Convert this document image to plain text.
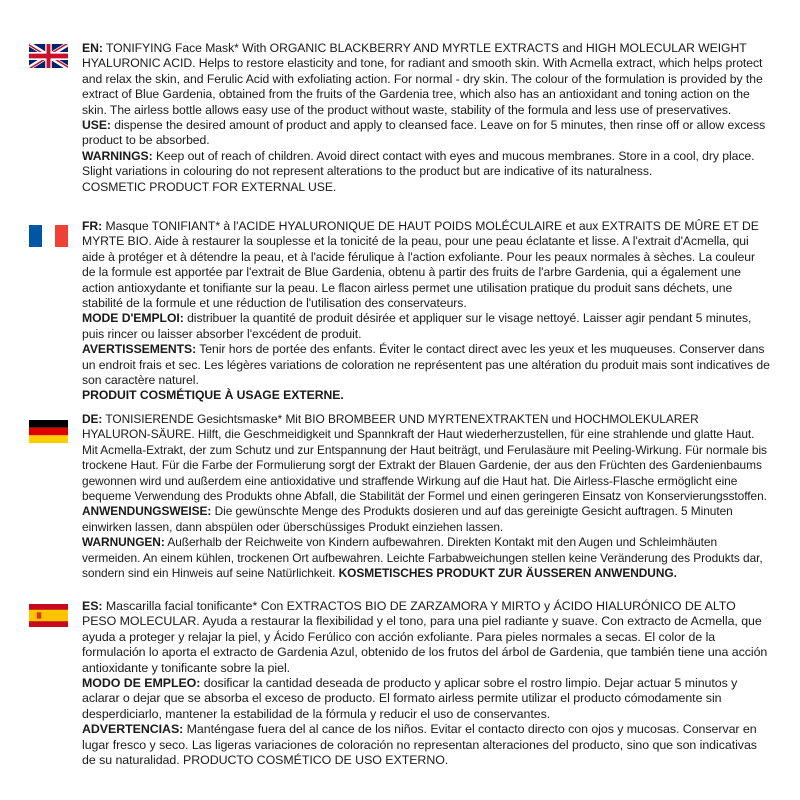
EN: TONIFYING Face Mask* With ORGANIC BLACKBERRY AND MYRTLE EXTRACTS and HIGH MOLECULAR WEIGHT HYALURONIC ACID. Helps to restore elasticity and tone, for radiant and smooth skin. With Acmella extract, which helps protect and relax the skin, and Ferulic Acid with exfoliating action. For normal - dry skin. The colour of the formulation is provided by the extract of Blue Gardenia, obtained from the fruits of the Gardenia tree, which also has an antioxidant and toning action on the skin. The airless bottle allows easy use of the product without waste, stability of the formula and less use of preservatives.

USE: dispense the desired amount of product and apply to cleansed face. Leave on for 5 minutes, then rinse off or allow excess product to be absorbed.

WARNINGS: Keep out of reach of children. Avoid direct contact with eyes and mucous membranes. Store in a cool, dry place. Slight variations in colouring do not represent alterations to the product but are indicative of its naturalness.

COSMETIC PRODUCT FOR EXTERNAL USE.

FR: Masque TONIFIANT* à l'ACIDE HYALURONIQUE DE HAUT POIDS MOLÉCULAIRE et aux EXTRAITS DE MÛRE ET DE MYRTE BIO. Aide à restaurer la souplesse et la tonicité de la peau, pour une peau éclatante et lisse. A l'extrait d'Acmella, qui aide à protéger et à détendre la peau, et à l'acide férulique à l'action exfoliante. Pour les peaux normales à sèches. La couleur de la formule est apportée par l'extrait de Blue Gardenia, obtenu à partir des fruits de l'arbre Gardenia, qui a également une action antioxydante et tonifiante sur la peau. Le flacon airless permet une utilisation pratique du produit sans déchets, une stabilité de la formule et une réduction de l'utilisation des conservateurs.

MODE D'EMPLOI: distribuer la quantité de produit désirée et appliquer sur le visage nettoyé. Laisser agir pendant 5 minutes, puis rincer ou laisser absorber l'excédent de produit.

AVERTISSEMENTS: Tenir hors de portée des enfants. Éviter le contact direct avec les yeux et les muqueuses. Conserver dans un endroit frais et sec. Les légères variations de coloration ne représentent pas une altération du produit mais sont indicatives de son caractère naturel.

PRODUIT COSMÉTIQUE À USAGE EXTERNE.

DE: TONISIERENDE Gesichtsmaske* Mit BIO BROMBEER UND MYRTENEXTRAKTEN und HOCHMOLEKULARER HYALURON-SÄURE. Hilft, die Geschmeidigkeit und Spannkraft der Haut wiederherzustellen, für eine strahlende und glatte Haut. Mit Acmella-Extrakt, der zum Schutz und zur Entspannung der Haut beiträgt, und Ferulasäure mit Peeling-Wirkung. Für normale bis trockene Haut. Für die Farbe der Formulierung sorgt der Extrakt der Blauen Gardenie, der aus den Früchten des Gardenienbaums gewonnen wird und außerdem eine antioxidative und straffende Wirkung auf die Haut hat. Die Airless-Flasche ermöglicht eine bequeme Verwendung des Produkts ohne Abfall, die Stabilität der Formel und einen geringeren Einsatz von Konservierungsstoffen.

ANWENDUNGSWEISE: Die gewünschte Menge des Produkts dosieren und auf das gereinigte Gesicht auftragen. 5 Minuten einwirken lassen, dann abspülen oder überschüssiges Produkt einziehen lassen.

WARNUNGEN: Außerhalb der Reichweite von Kindern aufbewahren. Direkten Kontakt mit den Augen und Schleimhäuten vermeiden. An einem kühlen, trockenen Ort aufbewahren. Leichte Farbabweichungen stellen keine Veränderung des Produkts dar, sondern sind ein Hinweis auf seine Natürlichkeit. KOSMETISCHES PRODUKT ZUR ÄUSSEREN ANWENDUNG.

ES: Mascarilla facial tonificante* Con EXTRACTOS BIO DE ZARZAMORA Y MIRTO y ÁCIDO HIALURÓNICO DE ALTO PESO MOLECULAR. Ayuda a restaurar la flexibilidad y el tono, para una piel radiante y suave. Con extracto de Acmella, que ayuda a proteger y relajar la piel, y Ácido Ferúlico con acción exfoliante. Para pieles normales a secas. El color de la formulación lo aporta el extracto de Gardenia Azul, obtenido de los frutos del árbol de Gardenia, que también tiene una acción antioxidante y tonificante sobre la piel.

MODO DE EMPLEO: dosificar la cantidad deseada de producto y aplicar sobre el rostro limpio. Dejar actuar 5 minutos y aclarar o dejar que se absorba el exceso de producto. El formato airless permite utilizar el producto cómodamente sin desperdiciarlo, mantener la estabilidad de la fórmula y reducir el uso de conservantes.

ADVERTENCIAS: Manténgase fuera del al cance de los niños. Evitar el contacto directo con ojos y mucosas. Conservar en lugar fresco y seco. Las ligeras variaciones de coloración no representan alteraciones del producto, sino que son indicativas de su naturalidad. PRODUCTO COSMÉTICO DE USO EXTERNO.
